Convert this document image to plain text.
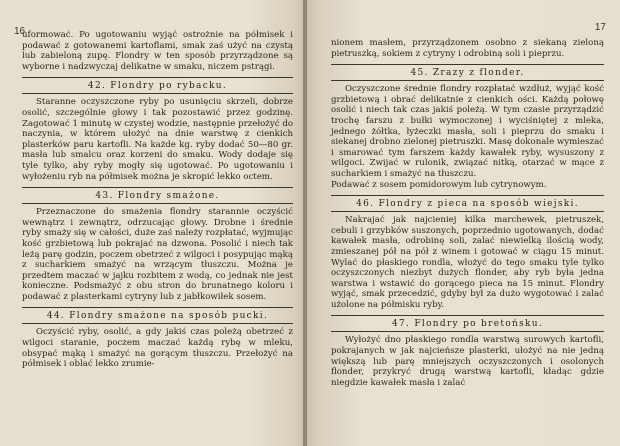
16

uformować. Po ugotowaniu wyjąć ostrożnie na półmisek i podawać z gotowanemi kartoflami, smak zaś użyć na czystą lub zabieloną zupę. Flondry w ten sposób przyrządzone są wyborne i nadzwyczaj delikatne w smaku, niczem pstrągi.

42. Flondry po rybacku.

Staranne oczyszczone ryby po usunięciu skrzeli, dobrze osolić, szczególnie głowy i tak pozostawić przez godzinę. Zagotować 1 minutę w czystej wodzie, następnie przełożyć do naczynia, w którem ułożyć na dnie warstwę z cienkich plasterków paru kartofli. Na każde kg. ryby dodać 50—80 gr. masła lub smalcu oraz korzeni do smaku. Wody dodaje się tyle tylko, aby ryby mogły się ugotować. Po ugotowaniu i wyłożeniu ryb na półmisek można je skropić lekko octem.

43. Flondry smażone.

Przeznaczone do smażenia flondry starannie oczyścić wewnątrz i zewnątrz, odrzucając głowy. Drobne i średnie ryby smaży się w całości, duże zaś należy rozpłatać, wyjmując kość grzbietową lub pokrajać na dzwona. Posolić i niech tak leżą parę godzin, poczem obetrzeć z wilgoci i posypując mąką z sucharkiem smażyć na wrzącym tłuszczu. Można je przedtem maczać w jajku rozbitem z wodą, co jednak nie jest konieczne. Podsmażyć z obu stron do brunatnego koloru i podawać z plasterkami cytryny lub z jabłkowiłek sosem.

44. Flondry smażone na sposób pucki.

Oczyścić ryby, osolić, a gdy jakiś czas poleżą obetrzeć z wilgoci staranie, poczem maczać każdą rybę w mleku, obsypać mąką i smażyć na gorącym tłuszczu. Przełożyć na półmisek i oblać lekko zrumie-

17

nionem masłem, przyrządzonem osobno z siekaną zieloną pietruszką, sokiem z cytryny i odrobiną soli i pieprzu.

45. Zrazy z flonder.

Oczyszczone średnie flondry rozpłatać wzdłuż, wyjąć kość grzbietową i obrać delikatnie z cienkich ości. Każdą połowę osolić i niech tak czas jakiś poleżą. W tym czasie przyrządzić trochę farszu z bułki wymoczonej i wyciśniętej z mleka, jednego żółtka, łyżeczki masła, soli i pieprzu do smaku i siekanej drobno zielonej pietruszki. Masę dokonale wymieszać i smarować tym farszem każdy kawałek ryby, wysuszony z wilgoci. Zwijać w rulonik, związać nitką, otarzać w mące z sucharkiem i smażyć na tłuszczu.
Podawać z sosem pomidorowym lub cytrynowym.

46. Flondry z pieca na sposób wiejski.

Nakrajać jak najcieniej kilka marchewek, pietruszek, cebuli i grzybków suszonych, poprzednio ugotowanych, dodać kawałek masła, odrobinę soli, zalać niewielką ilością wody, zmieszanej pół na pół z winem i gotować w ciągu 15 minut. Wylać do płaskiego rondla, włożyć do tego smaku tyle tylko oczyszczonych niezbyt dużych flonder, aby ryb była jedna warstwa i wstawić do gorącego pieca na 15 minut. Flondry wyjąć, smak przecedzić, gdyby był za dużo wygotować i zalać użolone na półmisku ryby.

47. Flondry po bretońsku.

Wyłożyć dno płaskiego rondla warstwą surowych kartofli, pokrajanych w jak najcieńsze plasterki, ułożyć na nie jedną większą lub parę mniejszych oczyszczonych i osolonych flonder, przykryć drugą warstwą kartofli, kładąc gdzie niegdzie kawałek masła i zalać
